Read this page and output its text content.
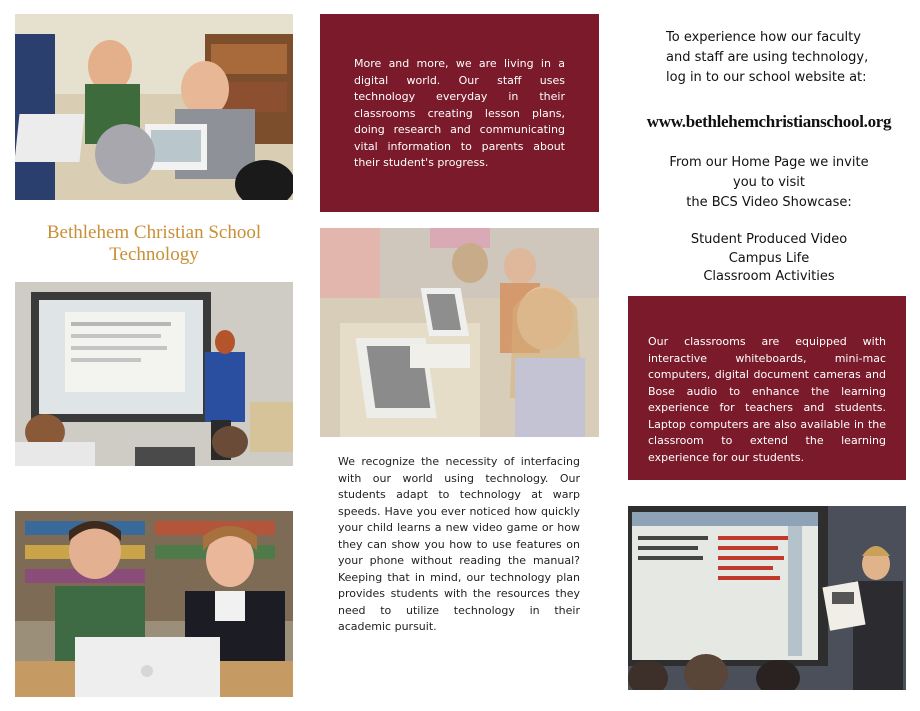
Bethlehem Christian School Technology

More and more, we are living in a digital world. Our staff uses technology everyday in their classrooms creating lesson plans, doing research and communicating vital information to parents about their student's progress.

We recognize the necessity of interfacing with our world using technology. Our students adapt to technology at warp speeds. Have you ever noticed how quickly your child learns a new video game or how they can show you how to use features on your phone without reading the manual? Keeping that in mind, our technology plan provides students with the resources they need to utilize technology in their academic pursuit.

To experience how our faculty and staff are using technology, log in to our school website at:
www.bethlehemchristianschool.org
From our Home Page we invite
you to visit
the BCS Video Showcase:
Student Produced Video
Campus Life
Classroom Activities

Our classrooms are equipped with interactive whiteboards, mini-mac computers, digital document cameras and Bose audio to enhance the learning experience for teachers and students. Laptop computers are also available in the classroom to extend the learning experience for our students.
